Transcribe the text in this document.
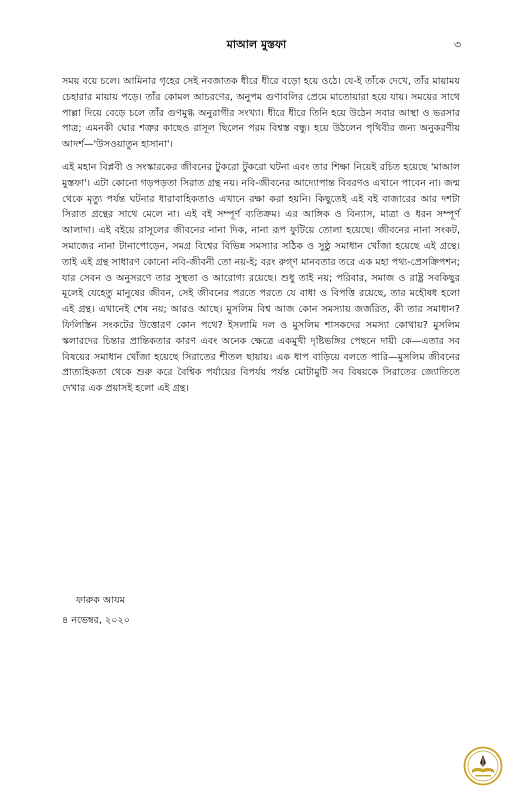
মাআল মুস্তফা	৩

সময় বয়ে চলে। আমিনার গৃহের সেই নবজাতক ধীরে ধীরে বড়ো হয়ে ওঠে। যে-ই তাঁকে দেখে, তাঁর মায়াময় চেহারার মায়ায় পড়ে। তাঁর কোমল আচরণের, অনুপম গুণাবলির প্রেমে মাতোয়ারা হয়ে যায়। সময়ের সাথে পাল্লা দিয়ে বেড়ে চলে তাঁর গুণমুগ্ধ অনুরাগীর সংখ্যা। ধীরে ধীরে তিনি হয়ে উঠেন সবার আস্থা ও ভরসার পাত্র; এমনকী ঘোর শত্রুর কাছেও রাসূল ছিলেন পরম বিশ্বস্ত বন্ধু। হয়ে উঠলেন পৃথিবীর জন্য অনুকরণীয় আদর্শ—'উসওয়াতুন হাসানা'।

এই মহান বিপ্লবী ও সংস্কারকের জীবনের টুকরো টুকরো ঘটনা এবং তার শিক্ষা নিয়েই রচিত হয়েছে 'মাআল মুস্তফা'। এটা কোনো গড়পড়তা সিরাত গ্রন্থ নয়। নবি-জীবনের আদ্যোপান্ত বিবরণও এখানে পাবেন না। জন্ম থেকে মৃত্যু পর্যন্ত ঘটনার ধারাবাহিকতাও এখানে রক্ষা করা হয়নি। কিছুতেই এই বই বাজারের আর দশটা সিরাত গ্রন্থের সাথে মেলে না। এই বই সম্পূর্ণ ব্যতিক্রম। এর আঙ্গিক ও বিন্যাস, মাত্রা ও ধরন সম্পূর্ণ আলাদা। এই বইয়ে রাসূলের জীবনের নানা দিক, নানা রূপ ফুটিয়ে তোলা হয়েছে। জীবনের নানা সংকট, সমাজের নানা টানাপোড়েন, সমগ্র বিশ্বের বিভিন্ন সমস্যার সঠিক ও সুষ্ঠু সমাধান খোঁজা হয়েছে এই গ্রন্থে। তাই এই গ্রন্থ সাধারণ কোনো নবি-জীবনী তো নয়-ই; বরং রুগ্ণ মানবতার তরে এক মহা পথ্য-প্রেসক্রিপশন; যার সেবন ও অনুসরণে তার সুস্থতা ও আরোগ্য রয়েছে। শুধু তাই নয়; পরিবার, সমাজ ও রাষ্ট্র সবকিছুর মূলেই যেহেতু মানুষের জীবন, সেই জীবনের পরতে পরতে যে বাধা ও বিপত্তি রয়েছে, তার মহৌষধ হলো এই গ্রন্থ। এখানেই শেষ নয়; আরও আছে। মুসলিম বিশ্ব আজ কোন সমস্যায় জর্জরিত, কী তার সমাধান? ফিলিস্তিন সংকটের উত্তোরণ কোন পথে? ইসলামি দল ও মুসলিম শাসকদের সমস্যা কোথায়? মুসলিম স্কলারদের চিন্তার প্রান্তিকতার কারণ এবং অনেক ক্ষেত্রে একমুখী দৃষ্টিভঙ্গির পেছনে দায়ী কে—এতার সব বিষয়ের সমাধান খোঁজা হয়েছে সিরাতের শীতল ছায়ায়। এক ধাপ বাড়িয়ে বলতে পারি—মুসলিম জীবনের প্রাত্যহিকতা থেকে শুরু করে বৈশ্বিক পর্যায়ের বিপর্যয় পর্যন্ত মোটামুটি সব বিষয়কে সিরাতের জ্যোতিতে দেখার এক প্রয়াসই হলো এই গ্রন্থ।

ফারুক আযম
৪ নভেম্বর, ২০২০
